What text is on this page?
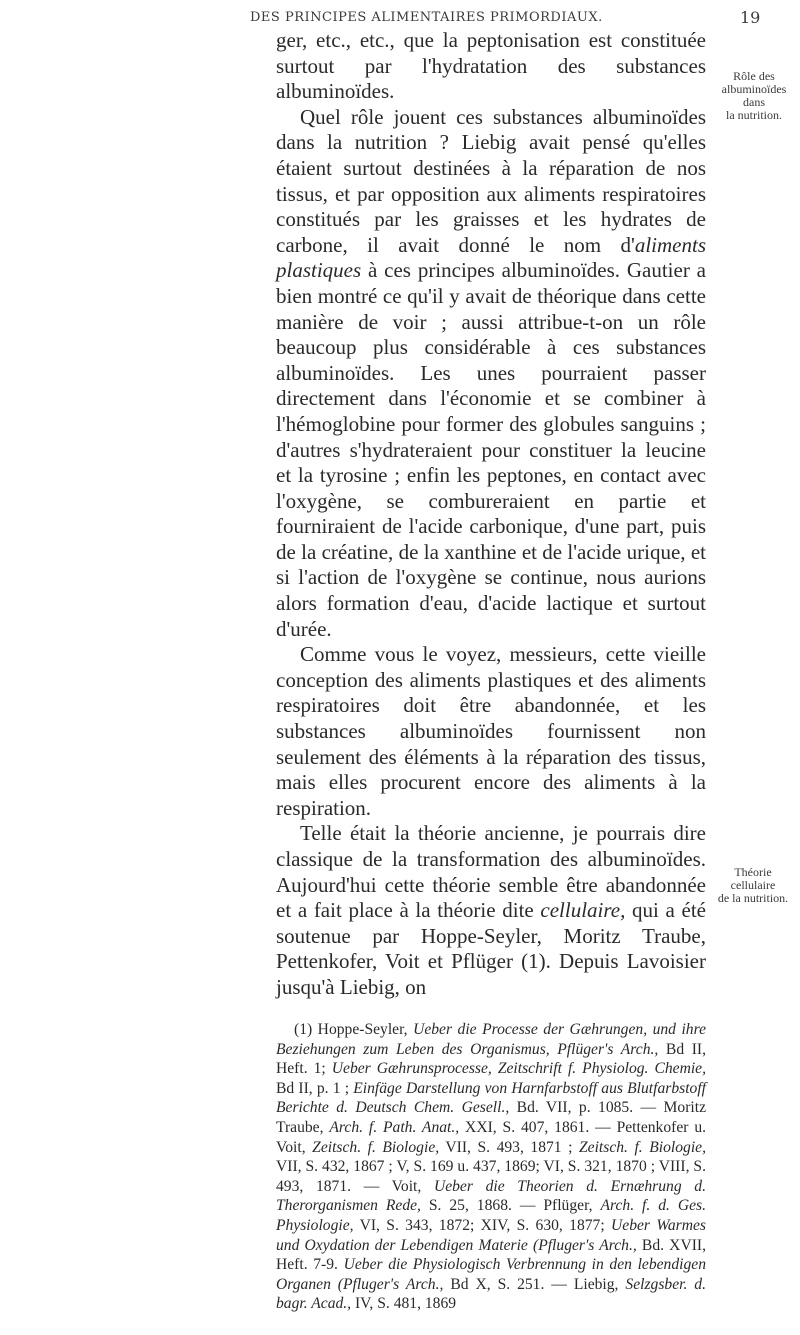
DES PRINCIPES ALIMENTAIRES PRIMORDIAUX.	19

ger, etc., etc., que la peptonisation est constituée surtout par l'hydratation des substances albuminoïdes.

Quel rôle jouent ces substances albuminoïdes dans la nutrition ? Liebig avait pensé qu'elles étaient surtout destinées à la réparation de nos tissus, et par opposition aux aliments respiratoires constitués par les graisses et les hydrates de carbone, il avait donné le nom d'aliments plastiques à ces principes albuminoïdes. Gautier a bien montré ce qu'il y avait de théorique dans cette manière de voir ; aussi attribue-t-on un rôle beaucoup plus considérable à ces substances albuminoïdes. Les unes pourraient passer directement dans l'économie et se combiner à l'hémoglobine pour former des globules sanguins ; d'autres s'hydrateraient pour constituer la leucine et la tyrosine ; enfin les peptones, en contact avec l'oxygène, se combureraient en partie et fourniraient de l'acide carbonique, d'une part, puis de la créatine, de la xanthine et de l'acide urique, et si l'action de l'oxygène se continue, nous aurions alors formation d'eau, d'acide lactique et surtout d'urée.

Comme vous le voyez, messieurs, cette vieille conception des aliments plastiques et des aliments respiratoires doit être abandonnée, et les substances albuminoïdes fournissent non seulement des éléments à la réparation des tissus, mais elles procurent encore des aliments à la respiration.

Telle était la théorie ancienne, je pourrais dire classique de la transformation des albuminoïdes. Aujourd'hui cette théorie semble être abandonnée et a fait place à la théorie dite cellulaire, qui a été soutenue par Hoppe-Seyler, Moritz Traube, Pettenkofer, Voit et Pflüger (1). Depuis Lavoisier jusqu'à Liebig, on

Rôle des
albuminoïdes
dans
la nutrition.
Théorie
cellulaire
de la nutrition.

(1) Hoppe-Seyler, Ueber die Processe der Gæhrungen, und ihre Beziehungen zum Leben des Organismus, Pflüger's Arch., Bd II, Heft. 1; Ueber Gæhrunsprocesse, Zeitschrift f. Physiolog. Chemie, Bd II, p. 1 ; Einfäge Darstellung von Harnfarbstoff aus Blutfarbstoff Berichte d. Deutsch Chem. Gesell., Bd. VII, p. 1085. — Moritz Traube, Arch. f. Path. Anat., XXI, S. 407, 1861. — Pettenkofer u. Voit, Zeitsch. f. Biologie, VII, S. 493, 1871 ; Zeitsch. f. Biologie, VII, S. 432, 1867 ; V, S. 169 u. 437, 1869; VI, S. 321, 1870 ; VIII, S. 493, 1871. — Voit, Ueber die Theorien d. Ernæhrung d. Therorganismen Rede, S. 25, 1868. — Pflüger, Arch. f. d. Ges. Physiologie, VI, S. 343, 1872; XIV, S. 630, 1877; Ueber Warmes und Oxydation der Lebendigen Materie (Pfluger's Arch., Bd. XVII, Heft. 7-9. Ueber die Physiologisch Verbrennung in den lebendigen Organen (Pfluger's Arch., Bd X, S. 251. — Liebig, Selzgsber. d. bagr. Acad., IV, S. 481, 1869
